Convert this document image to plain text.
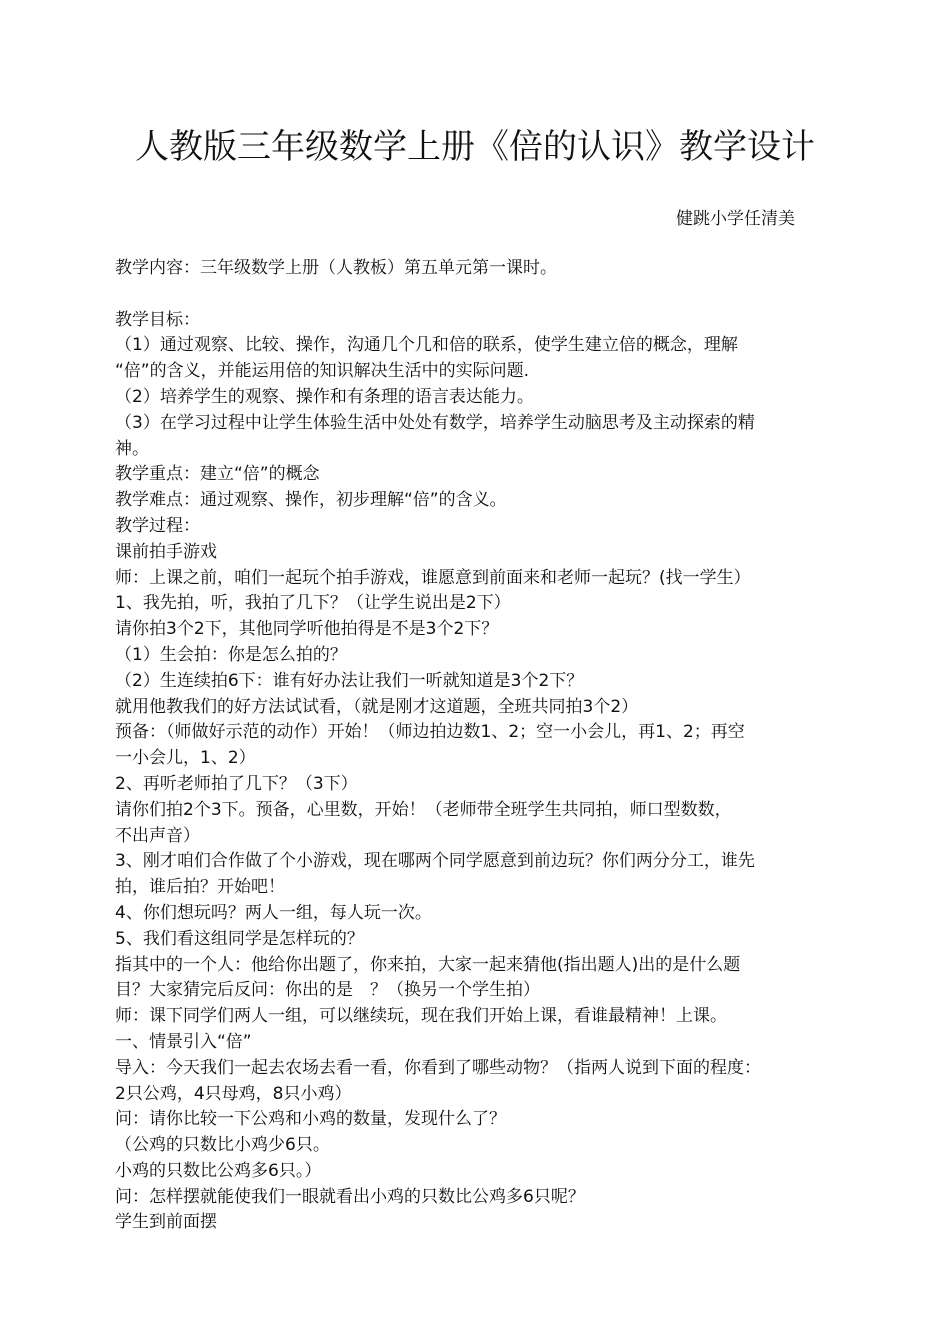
人教版三年级数学上册《倍的认识》教学设计
健跳小学任清美
教学内容：三年级数学上册（人教板）第五单元第一课时。
教学目标：
（1）通过观察、比较、操作，沟通几个几和倍的联系，使学生建立倍的概念，理解
“倍”的含义，并能运用倍的知识解决生活中的实际问题.
（2）培养学生的观察、操作和有条理的语言表达能力。
（3）在学习过程中让学生体验生活中处处有数学，培养学生动脑思考及主动探索的精
神。
教学重点：建立“倍”的概念
教学难点：通过观察、操作，初步理解“倍”的含义。
教学过程：
课前拍手游戏
师：上课之前，咱们一起玩个拍手游戏，谁愿意到前面来和老师一起玩？(找一学生）
1、我先拍，听，我拍了几下？（让学生说出是2下）
请你拍3个2下，其他同学听他拍得是不是3个2下？
（1）生会拍：你是怎么拍的？
（2）生连续拍6下：谁有好办法让我们一听就知道是3个2下？
就用他教我们的好方法试试看，（就是刚才这道题，全班共同拍3个2）
预备：（师做好示范的动作）开始！（师边拍边数1、2；空一小会儿，再1、2；再空
一小会儿，1、2）
2、再听老师拍了几下？（3下）
请你们拍2个3下。预备，心里数，开始！（老师带全班学生共同拍，师口型数数，
不出声音）
3、刚才咱们合作做了个小游戏，现在哪两个同学愿意到前边玩？你们两分分工，谁先
拍，谁后拍？开始吧！
4、你们想玩吗？两人一组，每人玩一次。
5、我们看这组同学是怎样玩的？
指其中的一个人：他给你出题了，你来拍，大家一起来猜他(指出题人)出的是什么题
目？大家猜完后反问：你出的是　？（换另一个学生拍）
师：课下同学们两人一组，可以继续玩，现在我们开始上课，看谁最精神！上课。
一、情景引入“倍”
导入：今天我们一起去农场去看一看，你看到了哪些动物？（指两人说到下面的程度：
2只公鸡，4只母鸡，8只小鸡）
问：请你比较一下公鸡和小鸡的数量，发现什么了？
（公鸡的只数比小鸡少6只。
小鸡的只数比公鸡多6只。）
问：怎样摆就能使我们一眼就看出小鸡的只数比公鸡多6只呢？
学生到前面摆
